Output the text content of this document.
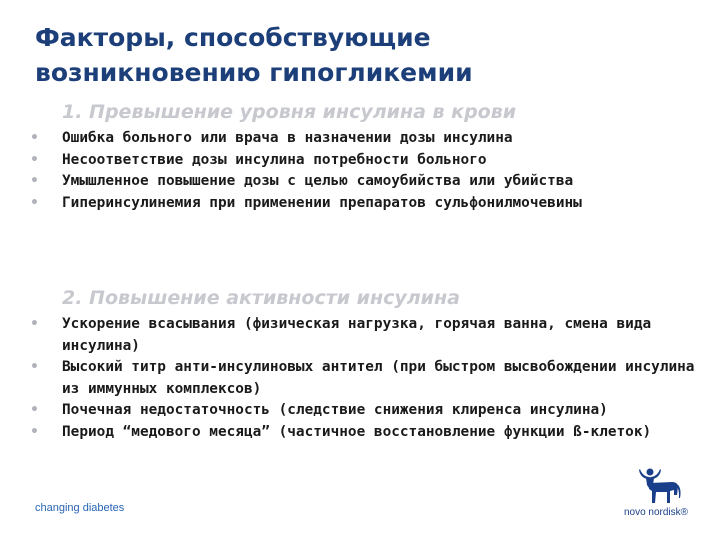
Факторы, способствующие
возникновению гипогликемии
1. Превышение уровня инсулина в крови
• Ошибка больного или врача в назначении дозы инсулина
• Несоответствие дозы инсулина потребности больного
• Умышленное повышение дозы с целью самоубийства или убийства
• Гиперинсулинемия при применении препаратов сульфонилмочевины
2. Повышение активности инсулина
• Ускорение всасывания (физическая нагрузка, горячая ванна, смена вида инсулина)
• Высокий титр анти-инсулиновых антител (при быстром высвобождении инсулина из иммунных комплексов)
• Почечная недостаточность (следствие снижения клиренса инсулина)
• Период “медового месяца” (частичное восстановление функции ß-клеток)
changing diabetes	novo nordisk®
